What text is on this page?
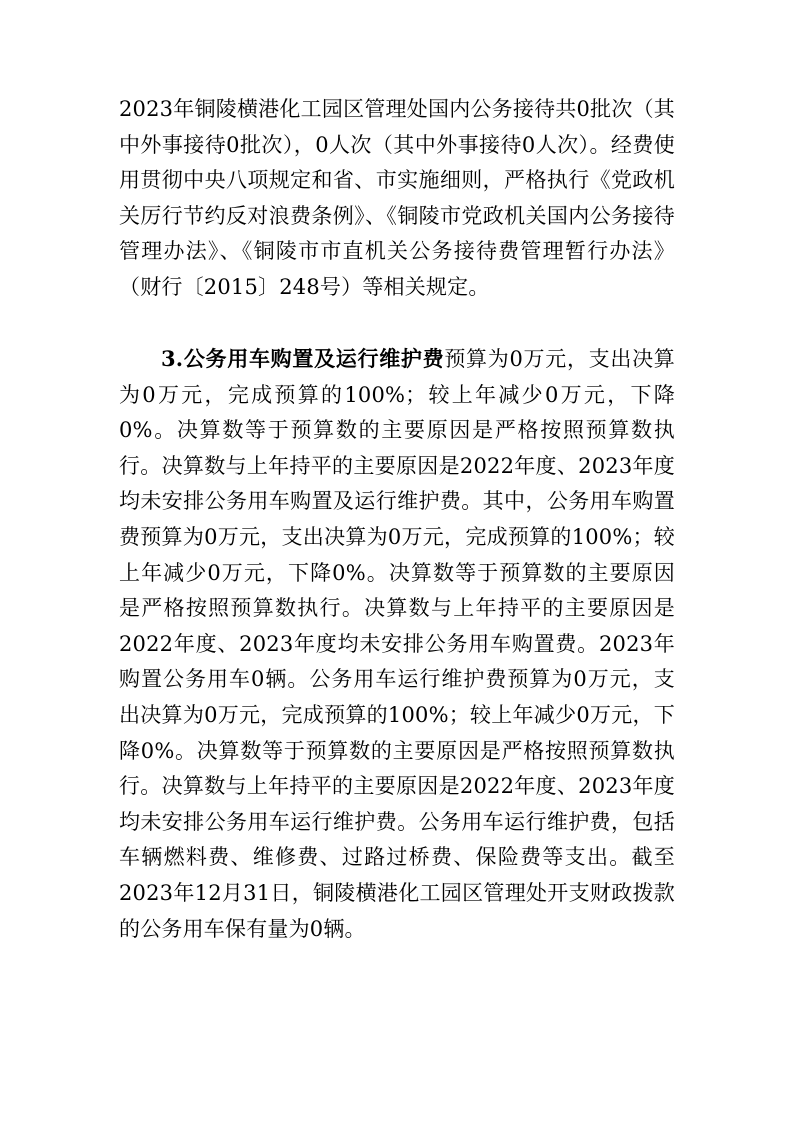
2023年铜陵横港化工园区管理处国内公务接待共0批次（其中外事接待0批次），0人次（其中外事接待0人次）。经费使用贯彻中央八项规定和省、市实施细则，严格执行《党政机关厉行节约反对浪费条例》、《铜陵市党政机关国内公务接待管理办法》、《铜陵市市直机关公务接待费管理暂行办法》（财行〔2015〕248号）等相关规定。

3.公务用车购置及运行维护费预算为0万元，支出决算为0万元，完成预算的100%；较上年减少0万元，下降0%。决算数等于预算数的主要原因是严格按照预算数执行。决算数与上年持平的主要原因是2022年度、2023年度均未安排公务用车购置及运行维护费。其中，公务用车购置费预算为0万元，支出决算为0万元，完成预算的100%；较上年减少0万元，下降0%。决算数等于预算数的主要原因是严格按照预算数执行。决算数与上年持平的主要原因是2022年度、2023年度均未安排公务用车购置费。2023年购置公务用车0辆。公务用车运行维护费预算为0万元，支出决算为0万元，完成预算的100%；较上年减少0万元，下降0%。决算数等于预算数的主要原因是严格按照预算数执行。决算数与上年持平的主要原因是2022年度、2023年度均未安排公务用车运行维护费。公务用车运行维护费，包括车辆燃料费、维修费、过路过桥费、保险费等支出。截至2023年12月31日，铜陵横港化工园区管理处开支财政拨款的公务用车保有量为0辆。
